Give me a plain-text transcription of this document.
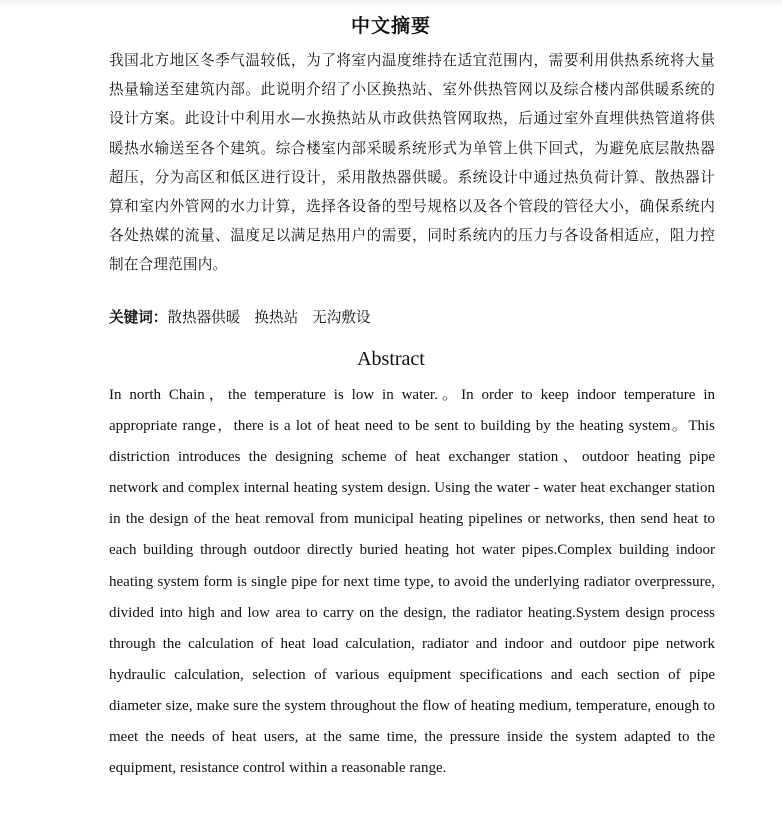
中文摘要

我国北方地区冬季气温较低，为了将室内温度维持在适宜范围内，需要利用供热系统将大量热量输送至建筑内部。此说明介绍了小区换热站、室外供热管网以及综合楼内部供暖系统的设计方案。此设计中利用水—水换热站从市政供热管网取热，后通过室外直埋供热管道将供暖热水输送至各个建筑。综合楼室内部采暖系统形式为单管上供下回式，为避免底层散热器超压，分为高区和低区进行设计，采用散热器供暖。系统设计中通过热负荷计算、散热器计算和室内外管网的水力计算，选择各设备的型号规格以及各个管段的管径大小，确保系统内各处热媒的流量、温度足以满足热用户的需要，同时系统内的压力与各设备相适应，阻力控制在合理范围内。

关键词：散热器供暖 换热站 无沟敷设
Abstract

In north Chain，the temperature is low in water.。In order to keep indoor temperature in appropriate range，there is a lot of heat need to be sent to building by the heating system。This distriction introduces the designing scheme of heat exchanger station、outdoor heating pipe network and complex internal heating system design. Using the water - water heat exchanger station in the design of the heat removal from municipal heating pipelines or networks, then send heat to each building through outdoor directly buried heating hot water pipes.Complex building indoor heating system form is single pipe for next time type, to avoid the underlying radiator overpressure, divided into high and low area to carry on the design, the radiator heating.System design process through the calculation of heat load calculation, radiator and indoor and outdoor pipe network hydraulic calculation, selection of various equipment specifications and each section of pipe diameter size, make sure the system throughout the flow of heating medium, temperature, enough to meet the needs of heat users, at the same time, the pressure inside the system adapted to the equipment, resistance control within a reasonable range.
